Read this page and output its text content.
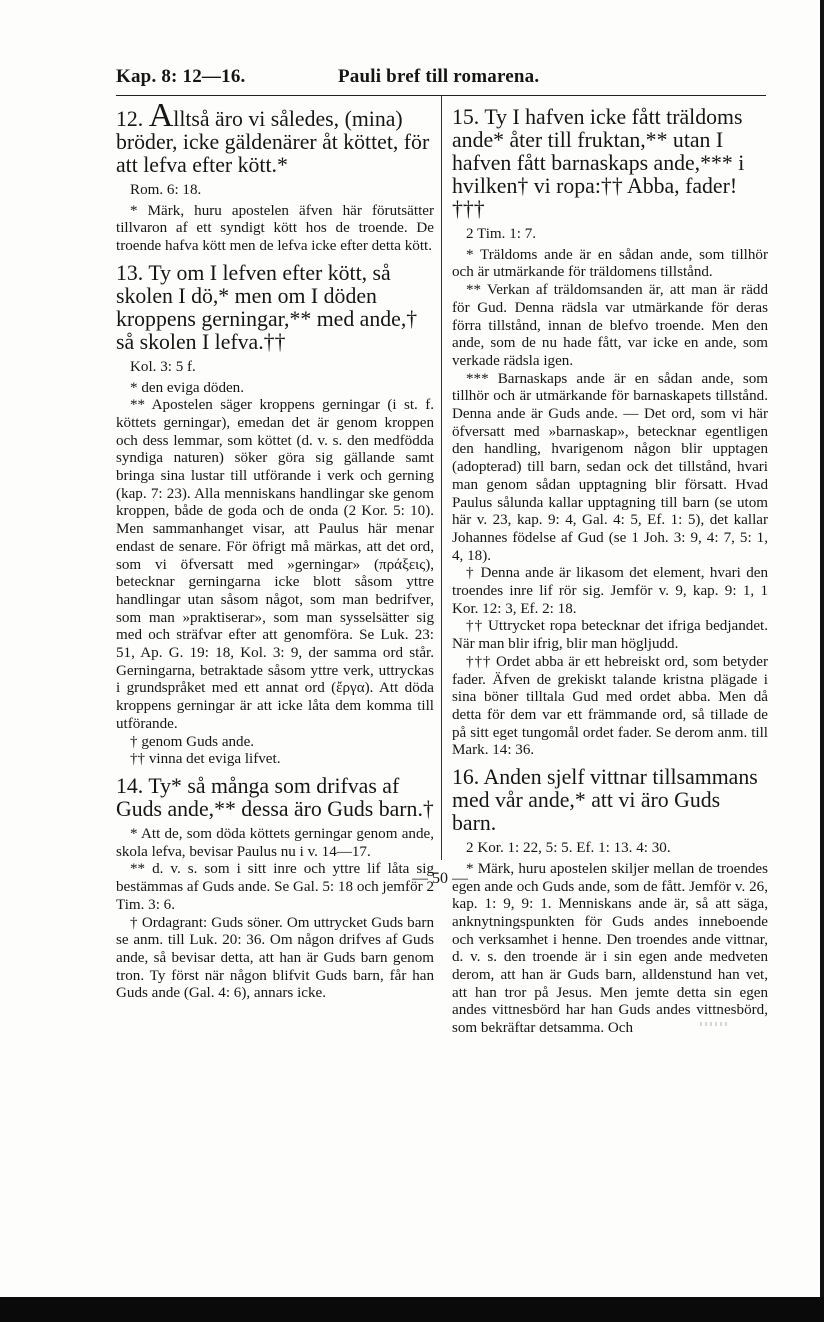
Kap. 8: 12—16.	Pauli bref till romarena.
12. Alltså äro vi således, (mina) bröder, icke gäldenärer åt köttet, för att lefva efter kött.*
Rom. 6: 18.

* Märk, huru apostelen äfven här förutsätter tillvaron af ett syndigt kött hos de troende. De troende hafva kött men de lefva icke efter detta kött.

13. Ty om I lefven efter kött, så skolen I dö,* men om I döden kroppens gerningar,** med ande,† så skolen I lefva.††
Kol. 3: 5 f.

* den eviga döden.

** Apostelen säger kroppens gerningar (i st. f. köttets gerningar), emedan det är genom kroppen och dess lemmar, som köttet (d. v. s. den medfödda syndiga naturen) söker göra sig gällande samt bringa sina lustar till utförande i verk och gerning (kap. 7: 23). Alla menniskans handlingar ske genom kroppen, både de goda och de onda (2 Kor. 5: 10). Men sammanhanget visar, att Paulus här menar endast de senare. För öfrigt må märkas, att det ord, som vi öfversatt med »gerningar» (πράξεις), betecknar gerningarna icke blott såsom yttre handlingar utan såsom något, som man bedrifver, som man »praktiserar», som man sysselsätter sig med och sträfvar efter att genomföra. Se Luk. 23: 51, Ap. G. 19: 18, Kol. 3: 9, der samma ord står. Gerningarna, betraktade såsom yttre verk, uttryckas i grundspråket med ett annat ord (ἔργα). Att döda kroppens gerningar är att icke låta dem komma till utförande.

† genom Guds ande.

†† vinna det eviga lifvet.

14. Ty* så många som drifvas af Guds ande,** dessa äro Guds barn.†

* Att de, som döda köttets gerningar genom ande, skola lefva, bevisar Paulus nu i v. 14—17.

** d. v. s. som i sitt inre och yttre lif låta sig bestämmas af Guds ande. Se Gal. 5: 18 och jemför 2 Tim. 3: 6.

† Ordagrant: Guds söner. Om uttrycket Guds barn se anm. till Luk. 20: 36. Om någon drifves af Guds ande, så bevisar detta, att han är Guds barn genom tron. Ty först när någon blifvit Guds barn, får han Guds ande (Gal. 4: 6), annars icke.

15. Ty I hafven icke fått träldoms ande* åter till fruktan,** utan I hafven fått barnaskaps ande,*** i hvilken† vi ropa:†† Abba, fader!†††
2 Tim. 1: 7.

* Träldoms ande är en sådan ande, som tillhör och är utmärkande för träldomens tillstånd.

** Verkan af träldomsanden är, att man är rädd för Gud. Denna rädsla var utmärkande för deras förra tillstånd, innan de blefvo troende. Men den ande, som de nu hade fått, var icke en ande, som verkade rädsla igen.

*** Barnaskaps ande är en sådan ande, som tillhör och är utmärkande för barnaskapets tillstånd. Denna ande är Guds ande. — Det ord, som vi här öfversatt med »barnaskap», betecknar egentligen den handling, hvarigenom någon blir upptagen (adopterad) till barn, sedan ock det tillstånd, hvari man genom sådan upptagning blir försatt. Hvad Paulus sålunda kallar upptagning till barn (se utom här v. 23, kap. 9: 4, Gal. 4: 5, Ef. 1: 5), det kallar Johannes födelse af Gud (se 1 Joh. 3: 9, 4: 7, 5: 1, 4, 18).

† Denna ande är likasom det element, hvari den troendes inre lif rör sig. Jemför v. 9, kap. 9: 1, 1 Kor. 12: 3, Ef. 2: 18.

†† Uttrycket ropa betecknar det ifriga bedjandet. När man blir ifrig, blir man högljudd.

††† Ordet abba är ett hebreiskt ord, som betyder fader. Äfven de grekiskt talande kristna plägade i sina böner tilltala Gud med ordet abba. Men då detta för dem var ett främmande ord, så tillade de på sitt eget tungomål ordet fader. Se derom anm. till Mark. 14: 36.

16. Anden sjelf vittnar tillsammans med vår ande,* att vi äro Guds barn.
2 Kor. 1: 22, 5: 5. Ef. 1: 13. 4: 30.

* Märk, huru apostelen skiljer mellan de troendes egen ande och Guds ande, som de fått. Jemför v. 26, kap. 1: 9, 9: 1. Menniskans ande är, så att säga, anknytningspunkten för Guds andes inneboende och verksamhet i henne. Den troendes ande vittnar, d. v. s. den troende är i sin egen ande medveten derom, att han är Guds barn, alldenstund han vet, att han tror på Jesus. Men jemte detta sin egen andes vittnesbörd har han Guds andes vittnesbörd, som bekräftar detsamma. Och

— 50 —
